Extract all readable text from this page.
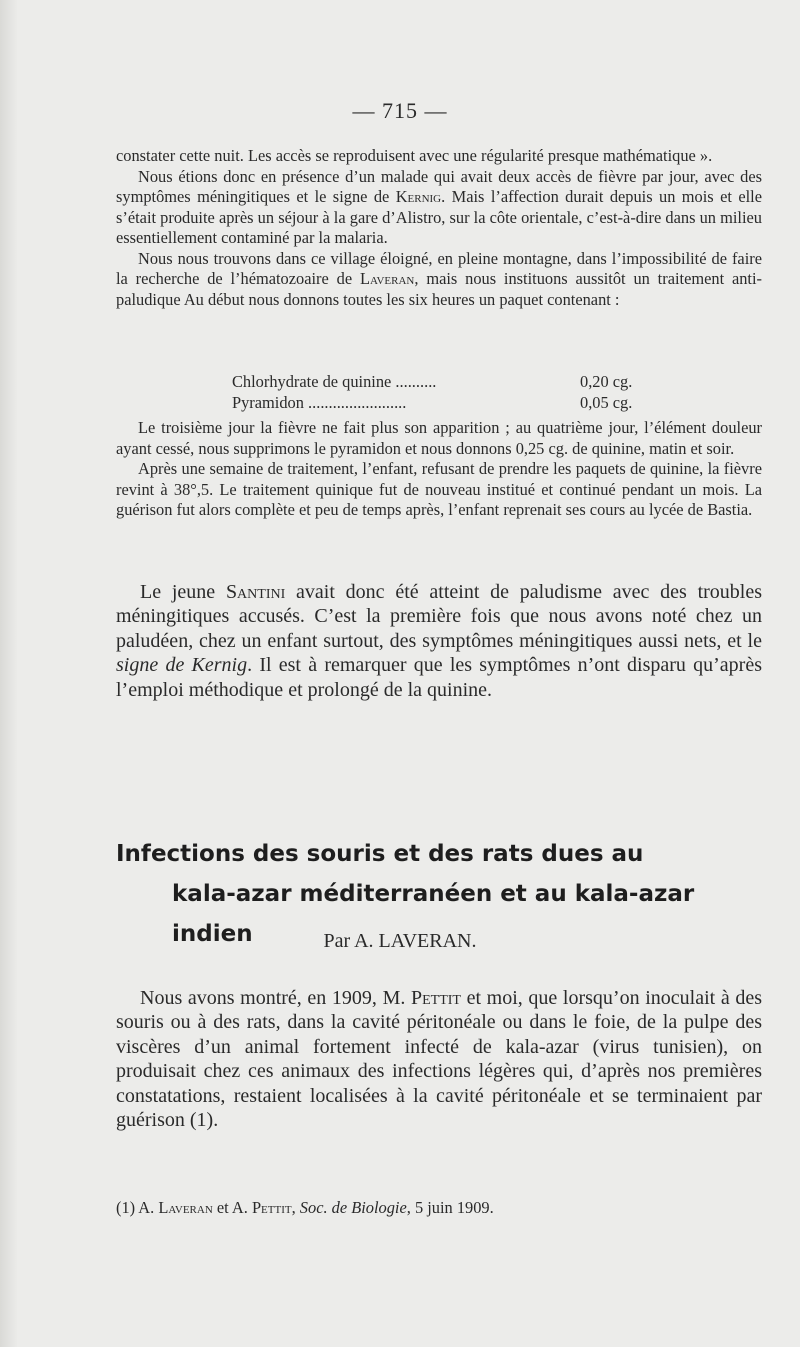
— 715 —

constater cette nuit. Les accès se reproduisent avec une régularité presque mathématique ».

Nous étions donc en présence d’un malade qui avait deux accès de fièvre par jour, avec des symptômes méningitiques et le signe de Kernig. Mais l’affection durait depuis un mois et elle s’était produite après un séjour à la gare d’Alistro, sur la côte orientale, c’est-à-dire dans un milieu essentiellement contaminé par la malaria.

Nous nous trouvons dans ce village éloigné, en pleine montagne, dans l’impossibilité de faire la recherche de l’hématozoaire de Laveran, mais nous instituons aussitôt un traitement anti-paludique Au début nous donnons toutes les six heures un paquet contenant :

Chlorhydrate de quinine ..........	0,20 cg.
Pyramidon ........................	0,05 cg.

Le troisième jour la fièvre ne fait plus son apparition ; au quatrième jour, l’élément douleur ayant cessé, nous supprimons le pyramidon et nous donnons 0,25 cg. de quinine, matin et soir.

Après une semaine de traitement, l’enfant, refusant de prendre les paquets de quinine, la fièvre revint à 38°,5. Le traitement quinique fut de nouveau institué et continué pendant un mois. La guérison fut alors complète et peu de temps après, l’enfant reprenait ses cours au lycée de Bastia.

Le jeune Santini avait donc été atteint de paludisme avec des troubles méningitiques accusés. C’est la première fois que nous avons noté chez un paludéen, chez un enfant surtout, des symptômes méningitiques aussi nets, et le signe de Kernig. Il est à remarquer que les symptômes n’ont disparu qu’après l’emploi méthodique et prolongé de la quinine.

Infections des souris et des rats dues au
kala-azar méditerranéen et au kala-azar indien	Par A. LAVERAN.

Nous avons montré, en 1909, M. Pettit et moi, que lorsqu’on inoculait à des souris ou à des rats, dans la cavité péritonéale ou dans le foie, de la pulpe des viscères d’un animal fortement infecté de kala-azar (virus tunisien), on produisait chez ces animaux des infections légères qui, d’après nos premières constatations, restaient localisées à la cavité péritonéale et se terminaient par guérison (1).

(1) A. Laveran et A. Pettit, Soc. de Biologie, 5 juin 1909.
